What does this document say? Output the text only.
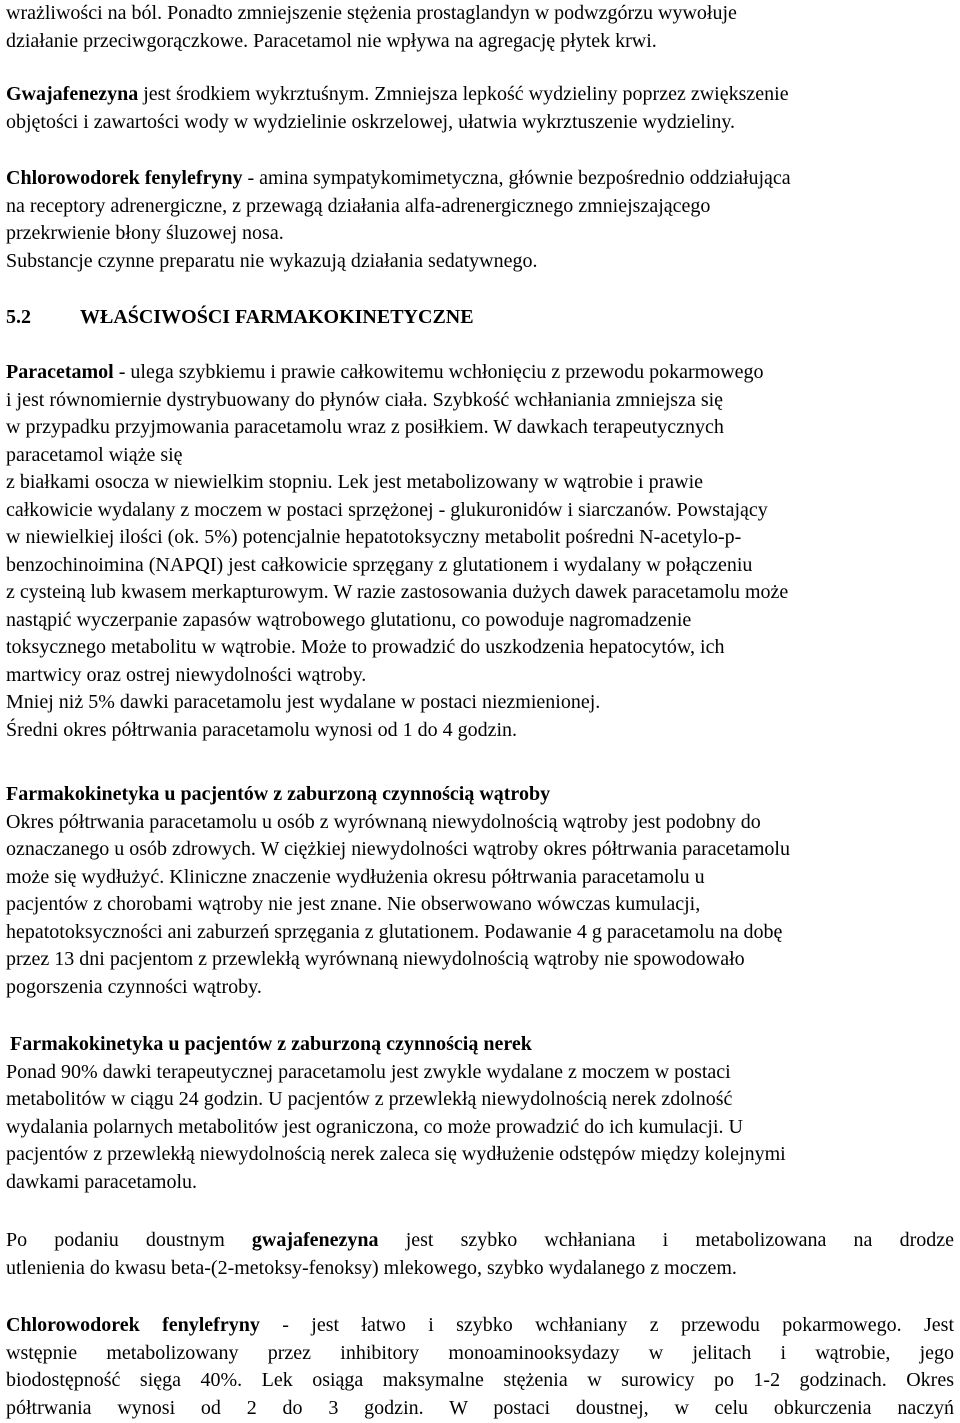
wrażliwości na ból. Ponadto zmniejszenie stężenia prostaglandyn w podwzgórzu wywołuje
działanie przeciwgorączkowe. Paracetamol nie wpływa na agregację płytek krwi.
Gwajafenezyna jest środkiem wykrztuśnym. Zmniejsza lepkość wydzieliny poprzez zwiększenie
objętości i zawartości wody w wydzielinie oskrzelowej, ułatwia wykrztuszenie wydzieliny.
Chlorowodorek fenylefryny - amina sympatykomimetyczna, głównie bezpośrednio oddziałująca
na receptory adrenergiczne, z przewagą działania alfa-adrenergicznego zmniejszającego
przekrwienie błony śluzowej nosa.
Substancje czynne preparatu nie wykazują działania sedatywnego.
5.2 WŁAŚCIWOŚCI FARMAKOKINETYCZNE
Paracetamol - ulega szybkiemu i prawie całkowitemu wchłonięciu z przewodu pokarmowego
i jest równomiernie dystrybuowany do płynów ciała. Szybkość wchłaniania zmniejsza się
w przypadku przyjmowania paracetamolu wraz z posiłkiem. W dawkach terapeutycznych
paracetamol wiąże się
z białkami osocza w niewielkim stopniu. Lek jest metabolizowany w wątrobie i prawie
całkowicie wydalany z moczem w postaci sprzężonej - glukuronidów i siarczanów. Powstający
w niewielkiej ilości (ok. 5%) potencjalnie hepatotoksyczny metabolit pośredni N-acetylo-p-
benzochinoimina (NAPQI) jest całkowicie sprzęgany z glutationem i wydalany w połączeniu
z cysteiną lub kwasem merkapturowym. W razie zastosowania dużych dawek paracetamolu może
nastąpić wyczerpanie zapasów wątrobowego glutationu, co powoduje nagromadzenie
toksycznego metabolitu w wątrobie. Może to prowadzić do uszkodzenia hepatocytów, ich
martwicy oraz ostrej niewydolności wątroby.
Mniej niż 5% dawki paracetamolu jest wydalane w postaci niezmienionej.
Średni okres półtrwania paracetamolu wynosi od 1 do 4 godzin.
Farmakokinetyka u pacjentów z zaburzoną czynnością wątroby
Okres półtrwania paracetamolu u osób z wyrównaną niewydolnością wątroby jest podobny do
oznaczanego u osób zdrowych. W ciężkiej niewydolności wątroby okres półtrwania paracetamolu
może się wydłużyć. Kliniczne znaczenie wydłużenia okresu półtrwania paracetamolu u
pacjentów z chorobami wątroby nie jest znane. Nie obserwowano wówczas kumulacji,
hepatotoksyczności ani zaburzeń sprzęgania z glutationem. Podawanie 4 g paracetamolu na dobę
przez 13 dni pacjentom z przewlekłą wyrównaną niewydolnością wątroby nie spowodowało
pogorszenia czynności wątroby.
Farmakokinetyka u pacjentów z zaburzoną czynnością nerek
Ponad 90% dawki terapeutycznej paracetamolu jest zwykle wydalane z moczem w postaci
metabolitów w ciągu 24 godzin. U pacjentów z przewlekłą niewydolnością nerek zdolność
wydalania polarnych metabolitów jest ograniczona, co może prowadzić do ich kumulacji. U
pacjentów z przewlekłą niewydolnością nerek zaleca się wydłużenie odstępów między kolejnymi
dawkami paracetamolu.
Po podaniu doustnym gwajafenezyna jest szybko wchłaniana i metabolizowana na drodze
utlenienia do kwasu beta-(2-metoksy-fenoksy) mlekowego, szybko wydalanego z moczem.
Chlorowodorek fenylefryny - jest łatwo i szybko wchłaniany z przewodu pokarmowego. Jest
wstępnie metabolizowany przez inhibitory monoaminooksydazy w jelitach i wątrobie, jego
biodostępność sięga 40%. Lek osiąga maksymalne stężenia w surowicy po 1-2 godzinach. Okres
półtrwania wynosi od 2 do 3 godzin. W postaci doustnej, w celu obkurczenia naczyń
